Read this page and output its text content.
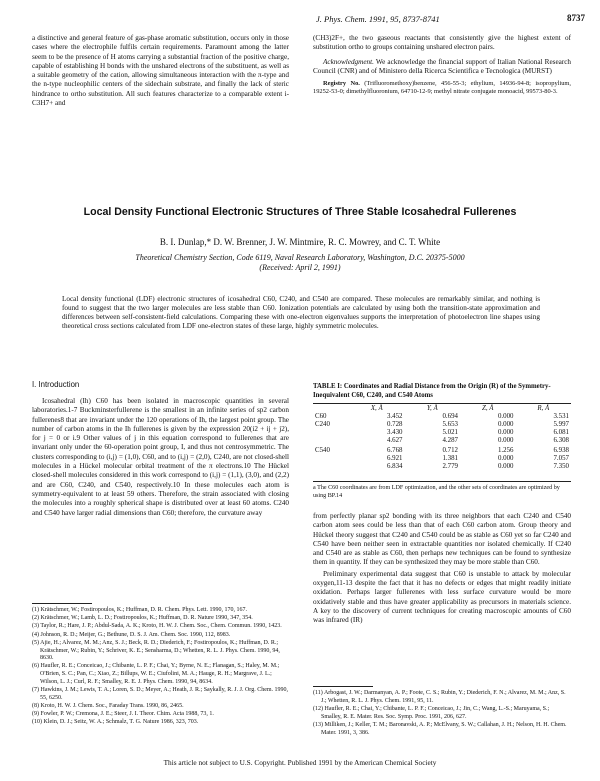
J. Phys. Chem. 1991, 95, 8737-8741	8737

a distinctive and general feature of gas-phase aromatic substitution, occurs only in those cases where the electrophile fulfils certain requirements. Paramount among the latter seem to be the presence of H atoms carrying a substantial fraction of the positive charge, capable of establishing H bonds with the unshared electrons of the substituent, as well as a suitable geometry of the cation, allowing simultaneous interaction with the π-type and the n-type nucleophilic centers of the sidechain substrate, and finally the lack of steric hindrance to ortho substitution. All such features characterize to a comparable extent i-C3H7+ and

(CH3)2F+, the two gaseous reactants that consistently give the highest extent of substitution ortho to groups containing unshared electron pairs.

Acknowledgment. We acknowledge the financial support of Italian National Research Council (CNR) and of Ministero della Ricerca Scientifica e Tecnologica (MURST)

Registry No. (Trifluoromethoxy)benzene, 456-55-3; ethylium, 14936-94-8; isopropylium, 19252-53-0; dimethylfluoronium, 64710-12-9; methyl nitrate conjugate monoacid, 99573-80-3.

Local Density Functional Electronic Structures of Three Stable Icosahedral Fullerenes
B. I. Dunlap,* D. W. Brenner, J. W. Mintmire, R. C. Mowrey, and C. T. White
Theoretical Chemistry Section, Code 6119, Naval Research Laboratory, Washington, D.C. 20375-5000
(Received: April 2, 1991)
Local density functional (LDF) electronic structures of icosahedral C60, C240, and C540 are compared. These molecules are remarkably similar, and nothing is found to suggest that the two larger molecules are less stable than C60. Ionization potentials are calculated by using both the transition-state approximation and differences between self-consistent-field calculations. Comparing these with one-electron eigenvalues supports the interpretation of photoelectron line shapes using theoretical cross sections calculated from LDF one-electron states of these large, highly symmetric molecules.
I. Introduction

Icosahedral (Ih) C60 has been isolated in macroscopic quantities in several laboratories.1-7 Buckminsterfullerene is the smallest in an infinite series of sp2 carbon fullerenes8 that are invariant under the 120 operations of Ih, the largest point group. The number of carbon atoms in the Ih fullerenes is given by the expression 20(i2 + ij + j2), for j = 0 or i.9 Other values of j in this equation correspond to fullerenes that are invariant only under the 60-operation point group, I, and thus not centrosymmetric. The clusters corresponding to (i,j) = (1,0), C60, and to (i,j) = (2,0), C240, are not closed-shell molecules in a Hückel molecular orbital treatment of the π electrons.10 The Hückel closed-shell molecules considered in this work correspond to (i,j) = (1,1), (3,0), and (2,2) and are C60, C240, and C540, respectively.10 In these molecules each atom is symmetry-equivalent to at least 59 others. Therefore, the strain associated with closing the molecules into a roughly spherical shape is distributed over at least 60 atoms. C240 and C540 have larger radial dimensions than C60; therefore, the curvature away

(1) Krätschmer, W.; Fostiropoulos, K.; Huffman, D. R. Chem. Phys. Lett. 1990, 170, 167.
(2) Krätschmer, W.; Lamb, L. D.; Fostiropoulos, K.; Huffman, D. R. Nature 1990, 347, 354.
(3) Taylor, R.; Hare, J. P.; Abdul-Sada, A. K.; Kroto, H. W. J. Chem. Soc., Chem. Commun. 1990, 1423.
(4) Johnson, R. D.; Meijer, G.; Bethune, D. S. J. Am. Chem. Soc. 1990, 112, 8983.
(5) Ajie, H.; Alvarez, M. M.; Anz, S. J.; Beck, R. D.; Diederich, F.; Fostiropoulos, K.; Huffman, D. R.; Krätschmer, W.; Rubin, Y.; Schriver, K. E.; Sensharma, D.; Whetten, R. L. J. Phys. Chem. 1990, 94, 8630.
(6) Haufler, R. E.; Conceicao, J.; Chibante, L. P. F.; Chai, Y.; Byrne, N. E.; Flanagan, S.; Haley, M. M.; O'Brien, S. C.; Pan, C.; Xiao, Z.; Billups, W. E.; Ciufolini, M. A.; Hauge, R. H.; Margrave, J. L.; Wilson, L. J.; Curl, R. F.; Smalley, R. E. J. Phys. Chem. 1990, 94, 8634.
(7) Hawkins, J. M.; Lewis, T. A.; Loren, S. D.; Meyer, A.; Heath, J. R.; Saykally, R. J. J. Org. Chem. 1990, 55, 6250.
(8) Kroto, H. W. J. Chem. Soc., Faraday Trans. 1990, 86, 2465.
(9) Fowler, P. W.; Cremona, J. E.; Steer, J. I. Theor. Chim. Acta 1988, 73, 1.
(10) Klein, D. J.; Seitz, W. A.; Schmalz, T. G. Nature 1986, 323, 703.
TABLE I: Coordinates and Radial Distance from the Origin (R) of the Symmetry-Inequivalent C60, C240, and C540 Atoms
	X, Å	Y, Å	Z, Å	R, Å
C60	3.452	0.694	0.000	3.531
C240	0.728	5.653	0.000	5.997
	3.430	5.021	0.000	6.081
	4.627	4.287	0.000	6.308
C540	6.768	0.712	1.256	6.938
	6.921	1.381	0.000	7.057
	6.834	2.779	0.000	7.350
a The C60 coordinates are from LDF optimization, and the other sets of coordinates are optimized by using BP.14

from perfectly planar sp2 bonding with its three neighbors that each C240 and C540 carbon atom sees could be less than that of each C60 carbon atom. Group theory and Hückel theory suggest that C240 and C540 could be as stable as C60 yet so far C240 and C540 have been neither seen in extractable quantities nor isolated chemically. If C240 and C540 are as stable as C60, then perhaps new techniques can be found to synthesize them in quantity. If they can be synthesized they may be more stable than C60.

Preliminary experimental data suggest that C60 is unstable to attack by molecular oxygen,11-13 despite the fact that it has no defects or edges that might readily initiate oxidation. Perhaps larger fullerenes with less surface curvature would be more oxidatively stable and thus have greater applicability as precursors in materials science. A key to the discovery of current techniques for creating macroscopic amounts of C60 was infrared (IR)

(11) Arbogast, J. W.; Darmanyan, A. P.; Foote, C. S.; Rubin, Y.; Diederich, F. N.; Alvarez, M. M.; Anz, S. J.; Whetten, R. L. J. Phys. Chem. 1991, 95, 11.
(12) Haufler, R. E.; Chai, Y.; Chibante, L. P. F.; Conceicao, J.; Jin, C.; Wang, L.-S.; Maruyama, S.; Smalley, R. E. Mater. Res. Soc. Symp. Proc. 1991, 206, 627.
(13) Milliken, J.; Keller, T. M.; Baronavski, A. P.; McElvany, S. W.; Callahan, J. H.; Nelson, H. H. Chem. Mater. 1991, 3, 386.
This article not subject to U.S. Copyright. Published 1991 by the American Chemical Society
